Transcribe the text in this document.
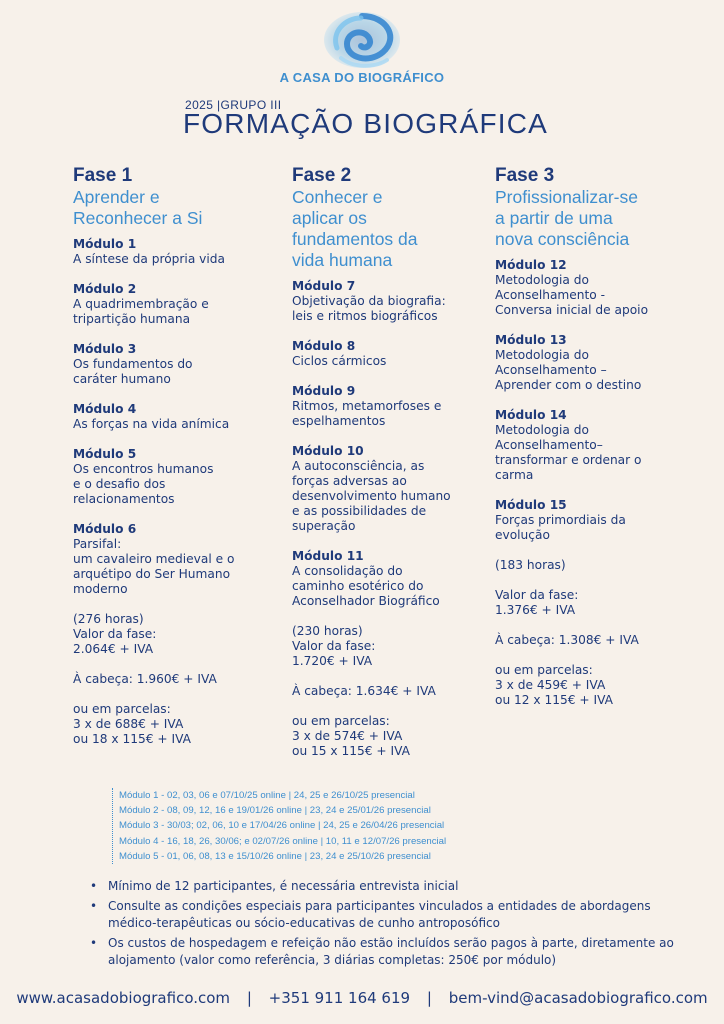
A CASA DO BIOGRÁFICO
2025 |GRUPO III
FORMAÇÃO BIOGRÁFICA
Fase 1
Aprender e
Reconhecer a Si
Módulo 1
A síntese da própria vida
Módulo 2
A quadrimembração e
tripartição humana
Módulo 3
Os fundamentos do
caráter humano
Módulo 4
As forças na vida anímica
Módulo 5
Os encontros humanos
e o desafio dos
relacionamentos
Módulo 6
Parsifal:
um cavaleiro medieval e o
arquétipo do Ser Humano
moderno
(276 horas)
Valor da fase:
2.064€ + IVA
À cabeça: 1.960€ + IVA
ou em parcelas:
3 x de 688€ + IVA
ou 18 x 115€ + IVA
Fase 2
Conhecer e
aplicar os
fundamentos da
vida humana
Módulo 7
Objetivação da biografia:
leis e ritmos biográficos
Módulo 8
Ciclos cármicos
Módulo 9
Ritmos, metamorfoses e
espelhamentos
Módulo 10
A autoconsciência, as
forças adversas ao
desenvolvimento humano
e as possibilidades de
superação
Módulo 11
A consolidação do
caminho esotérico do
Aconselhador Biográfico
(230 horas)
Valor da fase:
1.720€ + IVA
À cabeça: 1.634€ + IVA
ou em parcelas:
3 x de 574€ + IVA
ou 15 x 115€ + IVA
Fase 3
Profissionalizar-se
a partir de uma
nova consciência
Módulo 12
Metodologia do
Aconselhamento -
Conversa inicial de apoio
Módulo 13
Metodologia do
Aconselhamento –
Aprender com o destino
Módulo 14
Metodologia do
Aconselhamento–
transformar e ordenar o
carma
Módulo 15
Forças primordiais da
evolução
(183 horas)
Valor da fase:
1.376€ + IVA
À cabeça: 1.308€ + IVA
ou em parcelas:
3 x de 459€ + IVA
ou 12 x 115€ + IVA
Módulo 1 - 02, 03, 06 e 07/10/25 online | 24, 25 e 26/10/25 presencial
Módulo 2 - 08, 09, 12, 16 e 19/01/26 online | 23, 24 e 25/01/26 presencial
Módulo 3 - 30/03; 02, 06, 10 e 17/04/26 online | 24, 25 e 26/04/26 presencial
Módulo 4 - 16, 18, 26, 30/06; e 02/07/26 online | 10, 11 e 12/07/26 presencial
Módulo 5 - 01, 06, 08, 13 e 15/10/26 online | 23, 24 e 25/10/26 presencial
• Mínimo de 12 participantes, é necessária entrevista inicial
• Consulte as condições especiais para participantes vinculados a entidades de abordagens médico-terapêuticas ou sócio-educativas de cunho antroposófico
• Os custos de hospedagem e refeição não estão incluídos serão pagos à parte, diretamente ao alojamento (valor como referência, 3 diárias completas: 250€ por módulo)
www.acasadobiografico.com | +351 911 164 619 | bem-vind@acasadobiografico.com
